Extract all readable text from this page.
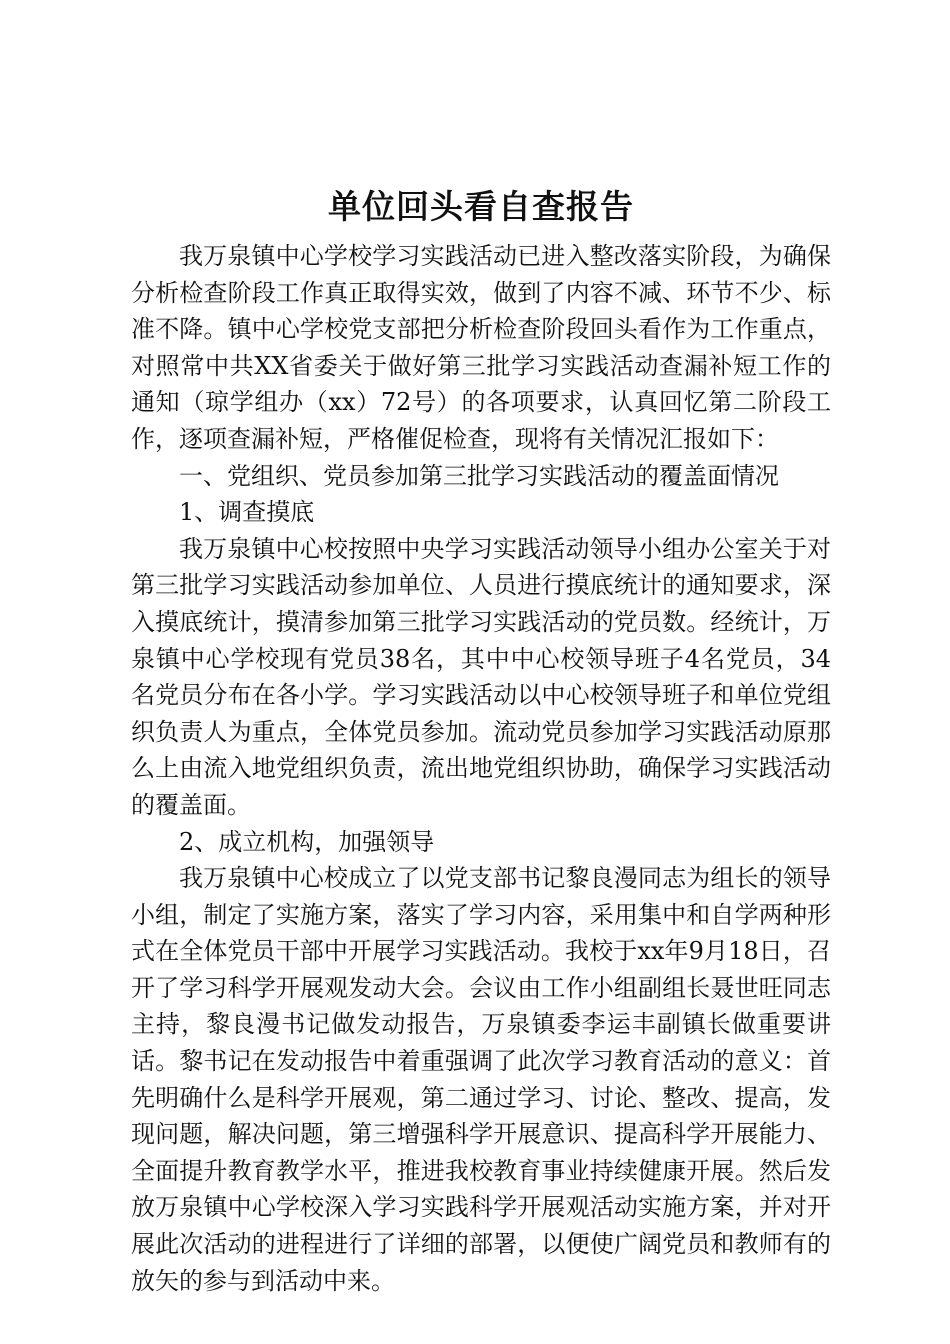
单位回头看自查报告

我万泉镇中心学校学习实践活动已进入整改落实阶段，为确保分析检查阶段工作真正取得实效，做到了内容不减、环节不少、标准不降。镇中心学校党支部把分析检查阶段回头看作为工作重点，对照常中共XX省委关于做好第三批学习实践活动查漏补短工作的通知（琼学组办（xx）72号）的各项要求，认真回忆第二阶段工作，逐项查漏补短，严格催促检查，现将有关情况汇报如下：

一、党组织、党员参加第三批学习实践活动的覆盖面情况

1、调查摸底

我万泉镇中心校按照中央学习实践活动领导小组办公室关于对第三批学习实践活动参加单位、人员进行摸底统计的通知要求，深入摸底统计，摸清参加第三批学习实践活动的党员数。经统计，万泉镇中心学校现有党员38名，其中中心校领导班子4名党员，34名党员分布在各小学。学习实践活动以中心校领导班子和单位党组织负责人为重点，全体党员参加。流动党员参加学习实践活动原那么上由流入地党组织负责，流出地党组织协助，确保学习实践活动的覆盖面。

2、成立机构，加强领导

我万泉镇中心校成立了以党支部书记黎良漫同志为组长的领导小组，制定了实施方案，落实了学习内容，采用集中和自学两种形式在全体党员干部中开展学习实践活动。我校于xx年9月18日，召开了学习科学开展观发动大会。会议由工作小组副组长聂世旺同志主持，黎良漫书记做发动报告，万泉镇委李运丰副镇长做重要讲话。黎书记在发动报告中着重强调了此次学习教育活动的意义：首先明确什么是科学开展观，第二通过学习、讨论、整改、提高，发现问题，解决问题，第三增强科学开展意识、提高科学开展能力、全面提升教育教学水平，推进我校教育事业持续健康开展。然后发放万泉镇中心学校深入学习实践科学开展观活动实施方案，并对开展此次活动的进程进行了详细的部署，以便使广阔党员和教师有的放矢的参与到活动中来。
